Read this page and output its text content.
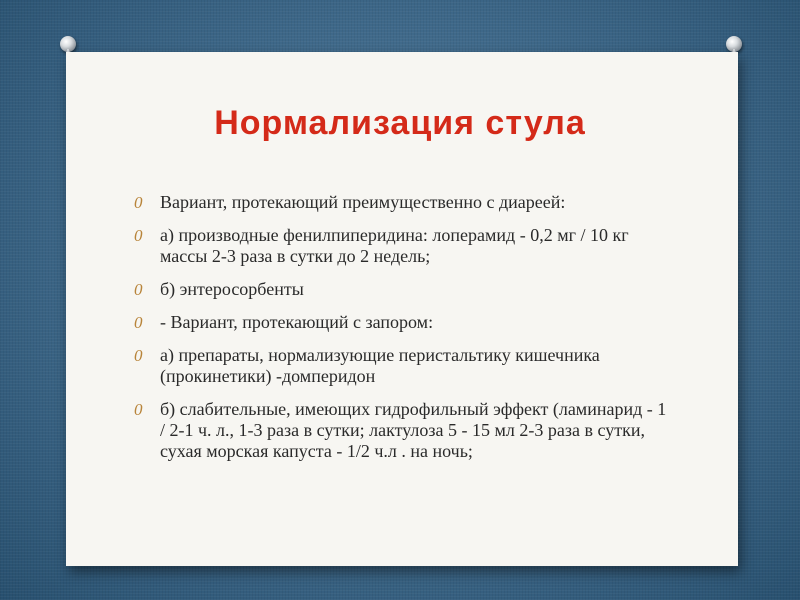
Нормализация стула
0 Вариант, протекающий преимущественно с диареей:
0 а) производные фенилпиперидина: лоперамид - 0,2 мг / 10 кг массы 2-3 раза в сутки до 2 недель;
0 б) энтеросорбенты
0 - Вариант, протекающий с запором:
0 а) препараты, нормализующие перистальтику кишечника (прокинетики) -домперидон
0 б) слабительные, имеющих гидрофильный эффект (ламинарид - 1 / 2-1 ч. л., 1-3 раза в сутки; лактулоза 5 - 15 мл 2-3 раза в сутки, сухая морская капуста - 1/2 ч.л . на ночь;
